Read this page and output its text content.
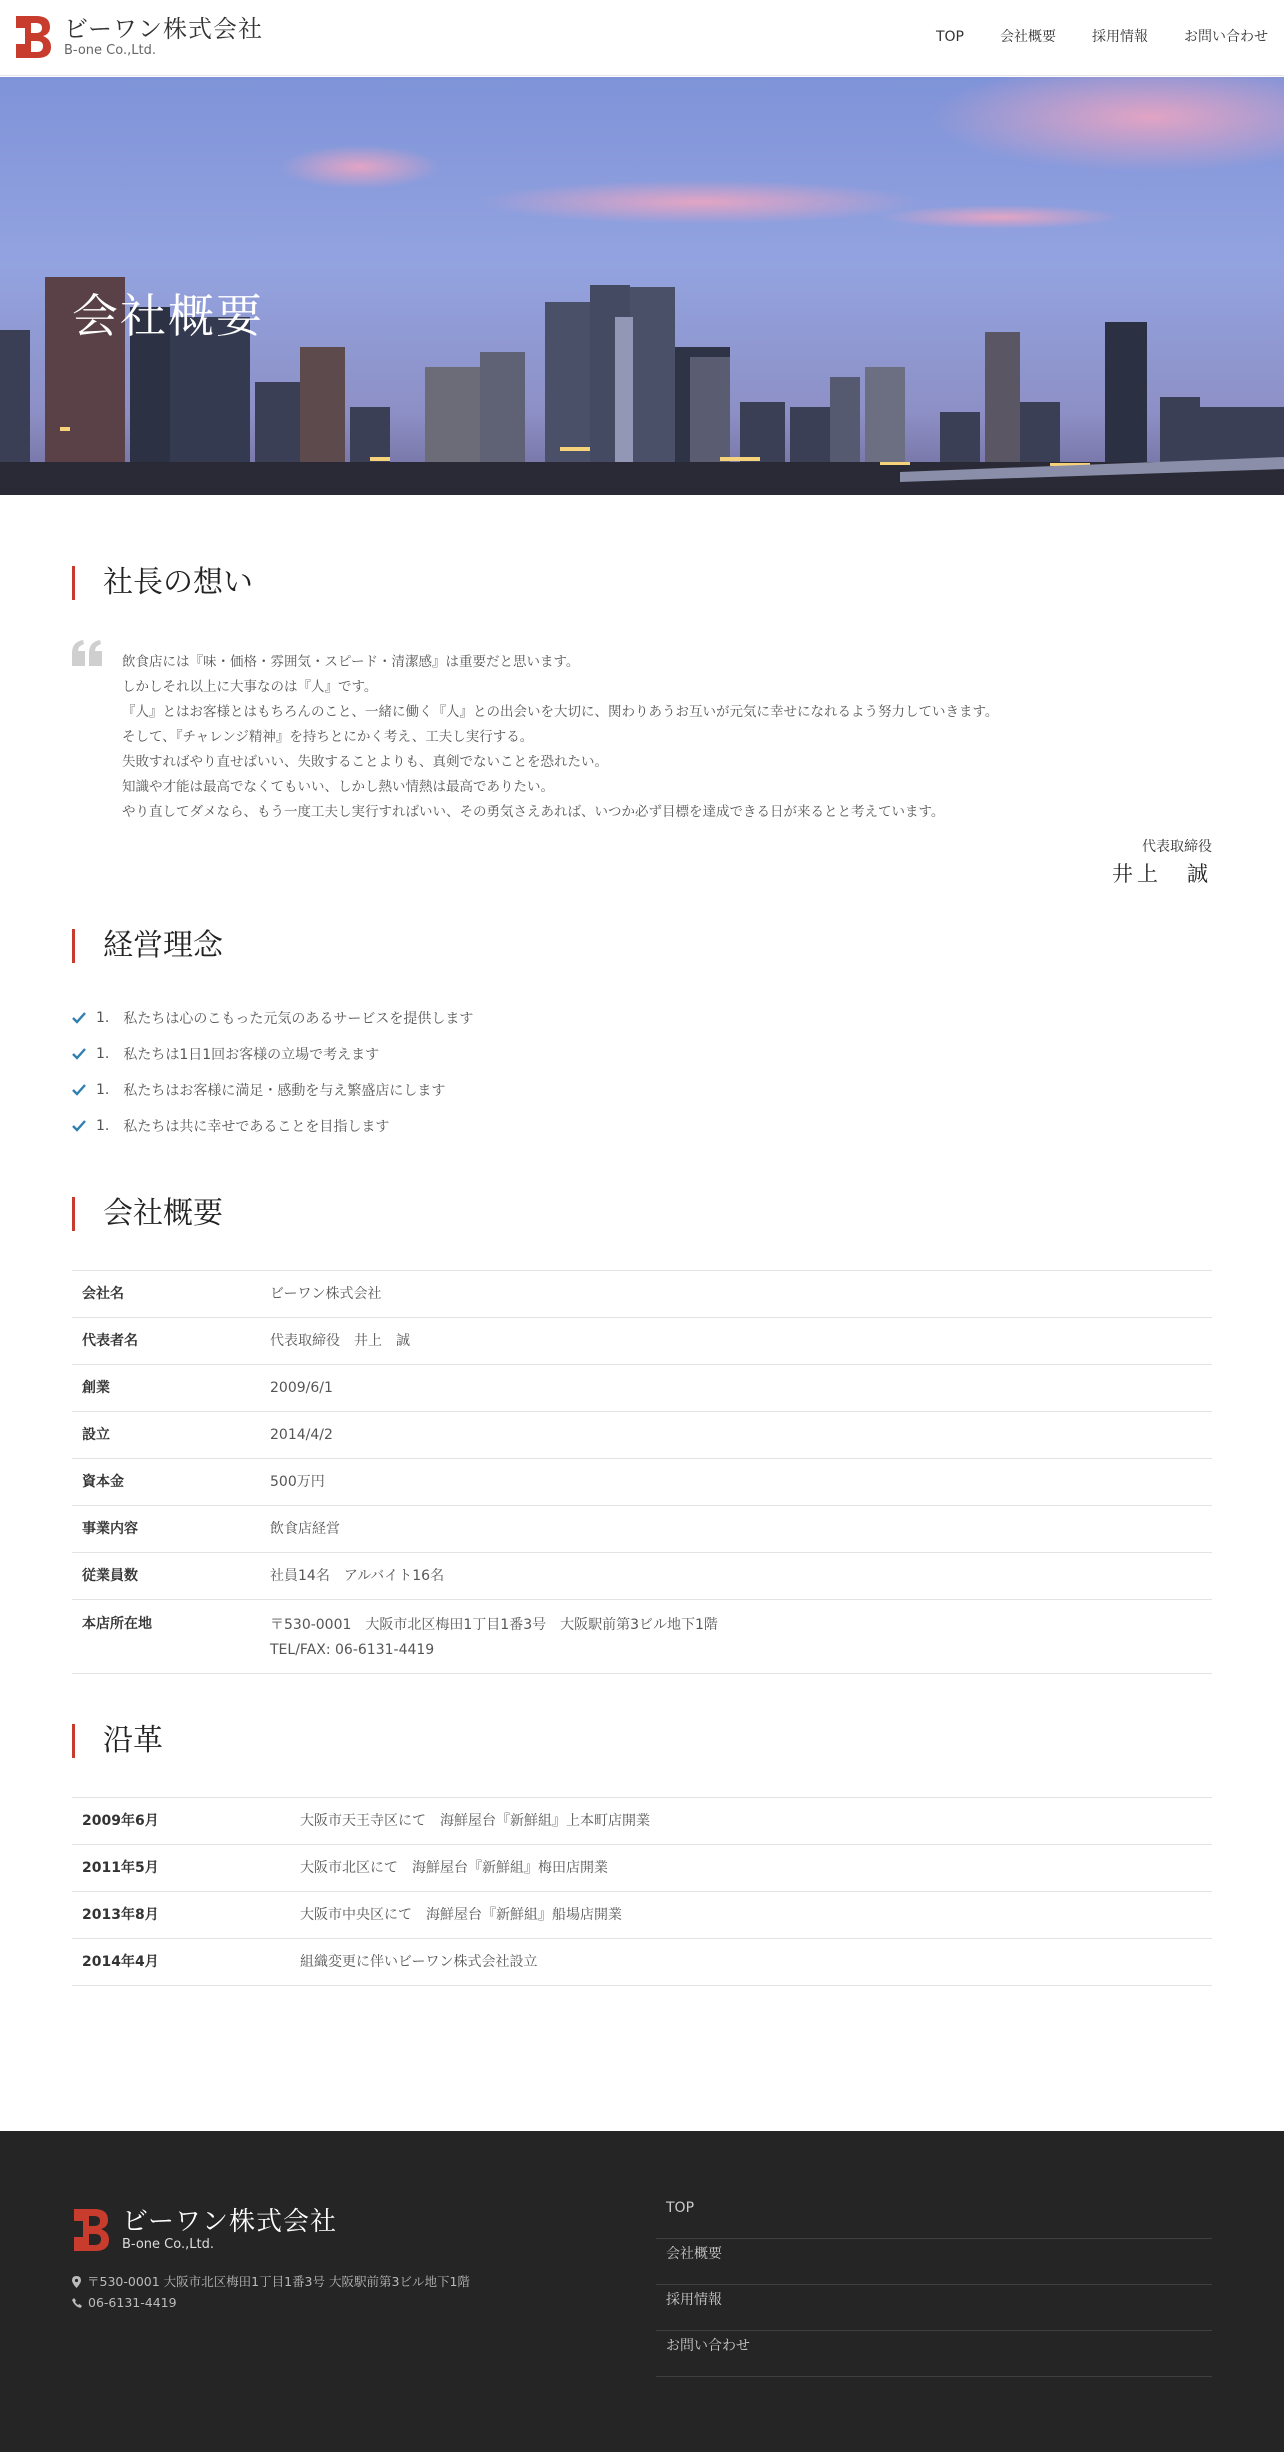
ビーワン株式会社
B-one Co.,Ltd.
TOP	会社概要	採用情報	お問い合わせ
会社概要
社長の想い

飲食店には『味・価格・雰囲気・スピード・清潔感』は重要だと思います。

しかしそれ以上に大事なのは『人』です。

『人』とはお客様とはもちろんのこと、一緒に働く『人』との出会いを大切に、関わりあうお互いが元気に幸せになれるよう努力していきます。

そして、『チャレンジ精神』を持ちとにかく考え、工夫し実行する。

失敗すればやり直せばいい、失敗することよりも、真剣でないことを恐れたい。

知識や才能は最高でなくてもいい、しかし熱い情熱は最高でありたい。

やり直してダメなら、もう一度工夫し実行すればいい、その勇気さえあれば、いつか必ず目標を達成できる日が来るとと考えています。

代表取締役
井上　誠
経営理念
1. 私たちは心のこもった元気のあるサービスを提供します
1. 私たちは1日1回お客様の立場で考えます
1. 私たちはお客様に満足・感動を与え繁盛店にします
1. 私たちは共に幸せであることを目指します
会社概要
会社名	ビーワン株式会社
代表者名	代表取締役　井上　誠
創業	2009/6/1
設立	2014/4/2
資本金	500万円
事業内容	飲食店経営
従業員数	社員14名　アルバイト16名
本店所在地	〒530-0001　大阪市北区梅田1丁目1番3号　大阪駅前第3ビル地下1階
TEL/FAX: 06-6131-4419
沿革
2009年6月	大阪市天王寺区にて　海鮮屋台『新鮮組』上本町店開業
2011年5月	大阪市北区にて　海鮮屋台『新鮮組』梅田店開業
2013年8月	大阪市中央区にて　海鮮屋台『新鮮組』船場店開業
2014年4月	組織変更に伴いビーワン株式会社設立
ビーワン株式会社
B-one Co.,Ltd.
〒530-0001 大阪市北区梅田1丁目1番3号 大阪駅前第3ビル地下1階
06-6131-4419
TOP
会社概要
採用情報
お問い合わせ
